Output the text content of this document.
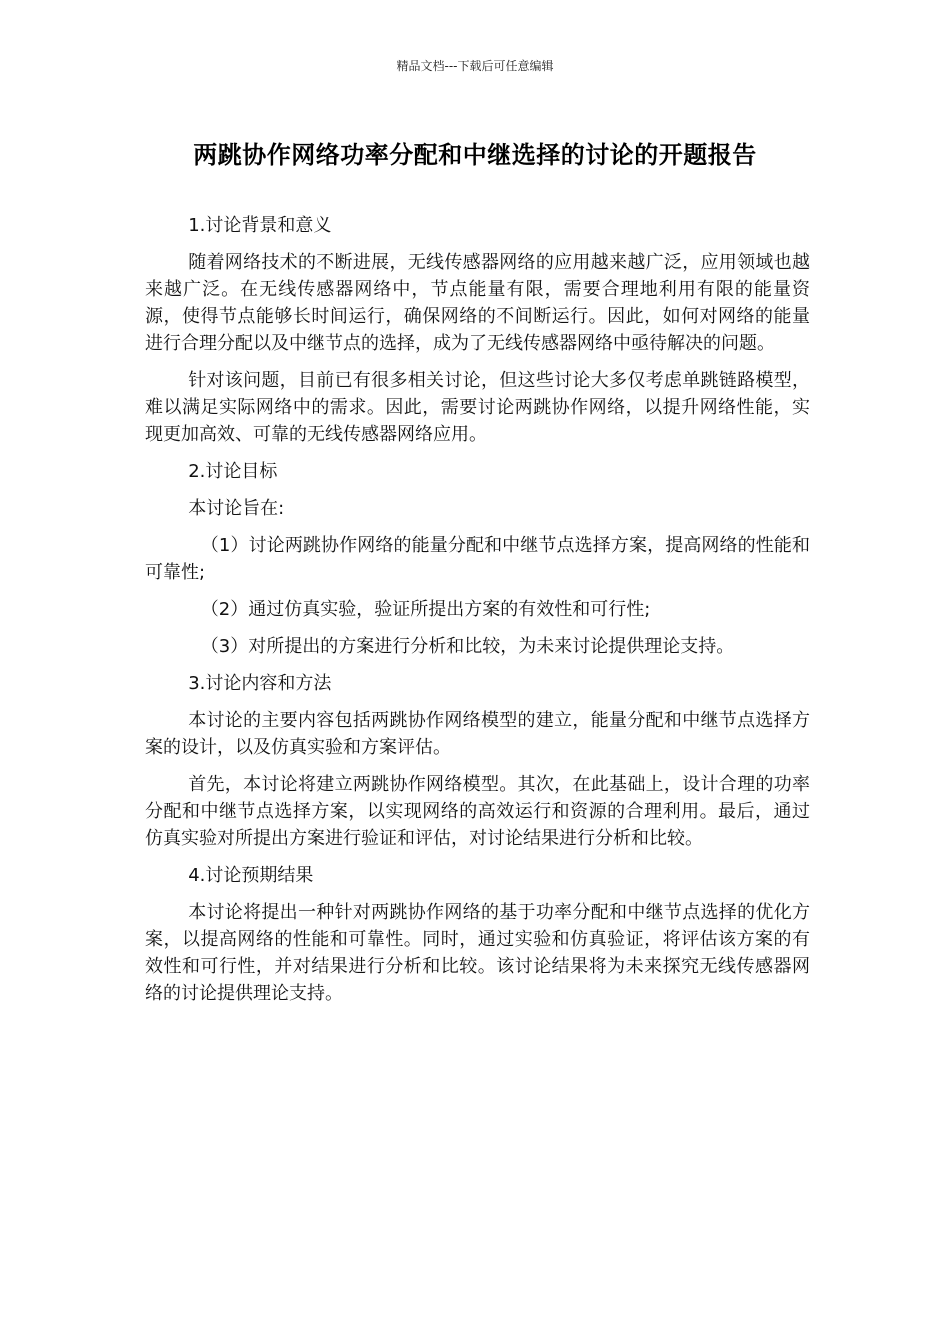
精品文档---下载后可任意编辑
两跳协作网络功率分配和中继选择的讨论的开题报告

1.讨论背景和意义

随着网络技术的不断进展，无线传感器网络的应用越来越广泛，应用领域也越来越广泛。在无线传感器网络中，节点能量有限，需要合理地利用有限的能量资源，使得节点能够长时间运行，确保网络的不间断运行。因此，如何对网络的能量进行合理分配以及中继节点的选择，成为了无线传感器网络中亟待解决的问题。

针对该问题，目前已有很多相关讨论，但这些讨论大多仅考虑单跳链路模型，难以满足实际网络中的需求。因此，需要讨论两跳协作网络，以提升网络性能，实现更加高效、可靠的无线传感器网络应用。

2.讨论目标

本讨论旨在:

（1）讨论两跳协作网络的能量分配和中继节点选择方案，提高网络的性能和可靠性;

（2）通过仿真实验，验证所提出方案的有效性和可行性;

（3）对所提出的方案进行分析和比较，为未来讨论提供理论支持。

3.讨论内容和方法

本讨论的主要内容包括两跳协作网络模型的建立，能量分配和中继节点选择方案的设计，以及仿真实验和方案评估。

首先，本讨论将建立两跳协作网络模型。其次，在此基础上，设计合理的功率分配和中继节点选择方案，以实现网络的高效运行和资源的合理利用。最后，通过仿真实验对所提出方案进行验证和评估，对讨论结果进行分析和比较。

4.讨论预期结果

本讨论将提出一种针对两跳协作网络的基于功率分配和中继节点选择的优化方案，以提高网络的性能和可靠性。同时，通过实验和仿真验证，将评估该方案的有效性和可行性，并对结果进行分析和比较。该讨论结果将为未来探究无线传感器网络的讨论提供理论支持。
